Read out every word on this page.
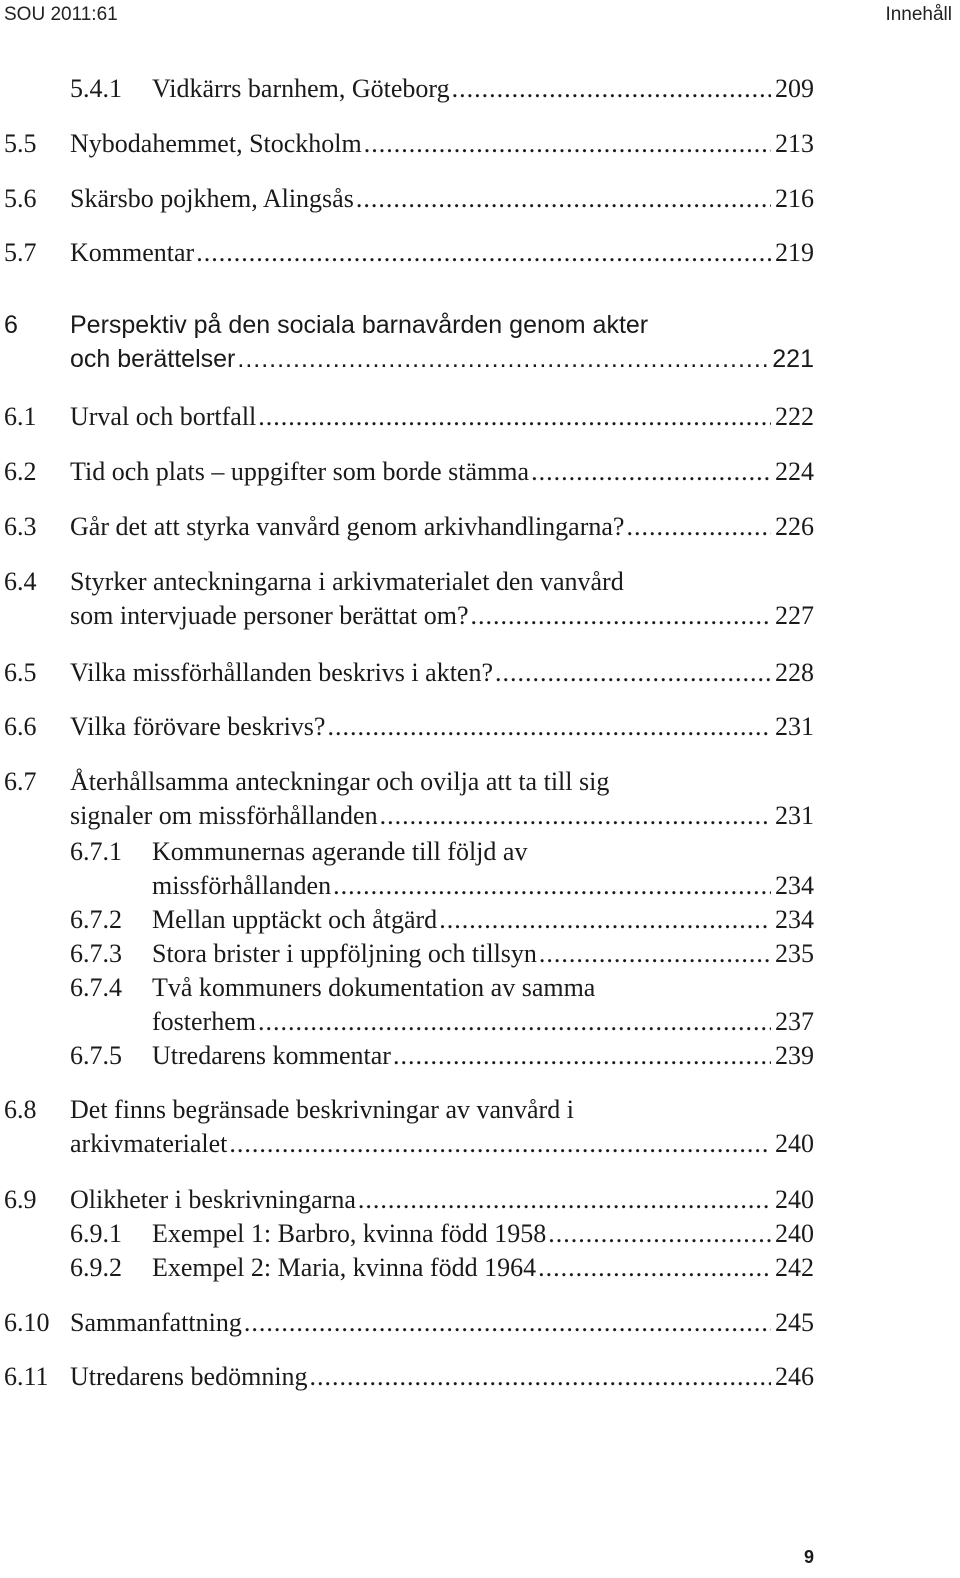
SOU 2011:61	Innehåll
5.4.1 Vidkärrs barnhem, Göteborg .....	209
5.5 Nybodahemmet, Stockholm .....	213
5.6 Skärsbo pojkhem, Alingsås .....	216
5.7 Kommentar .....	219
6 Perspektiv på den sociala barnavården genom akter
och berättelser .....	221
6.1 Urval och bortfall .....	222
6.2 Tid och plats – uppgifter som borde stämma .....	224
6.3 Går det att styrka vanvård genom arkivhandlingarna? .....	226
6.4 Styrker anteckningarna i arkivmaterialet den vanvård
som intervjuade personer berättat om? .....	227
6.5 Vilka missförhållanden beskrivs i akten? .....	228
6.6 Vilka förövare beskrivs? .....	231
6.7 Återhållsamma anteckningar och ovilja att ta till sig
signaler om missförhållanden .....	231
6.7.1 Kommunernas agerande till följd av
missförhållanden .....	234
6.7.2 Mellan upptäckt och åtgärd .....	234
6.7.3 Stora brister i uppföljning och tillsyn .....	235
6.7.4 Två kommuners dokumentation av samma
fosterhem .....	237
6.7.5 Utredarens kommentar .....	239
6.8 Det finns begränsade beskrivningar av vanvård i
arkivmaterialet .....	240
6.9 Olikheter i beskrivningarna .....	240
6.9.1 Exempel 1: Barbro, kvinna född 1958 .....	240
6.9.2 Exempel 2: Maria, kvinna född 1964 .....	242
6.10 Sammanfattning .....	245
6.11 Utredarens bedömning .....	246
9
